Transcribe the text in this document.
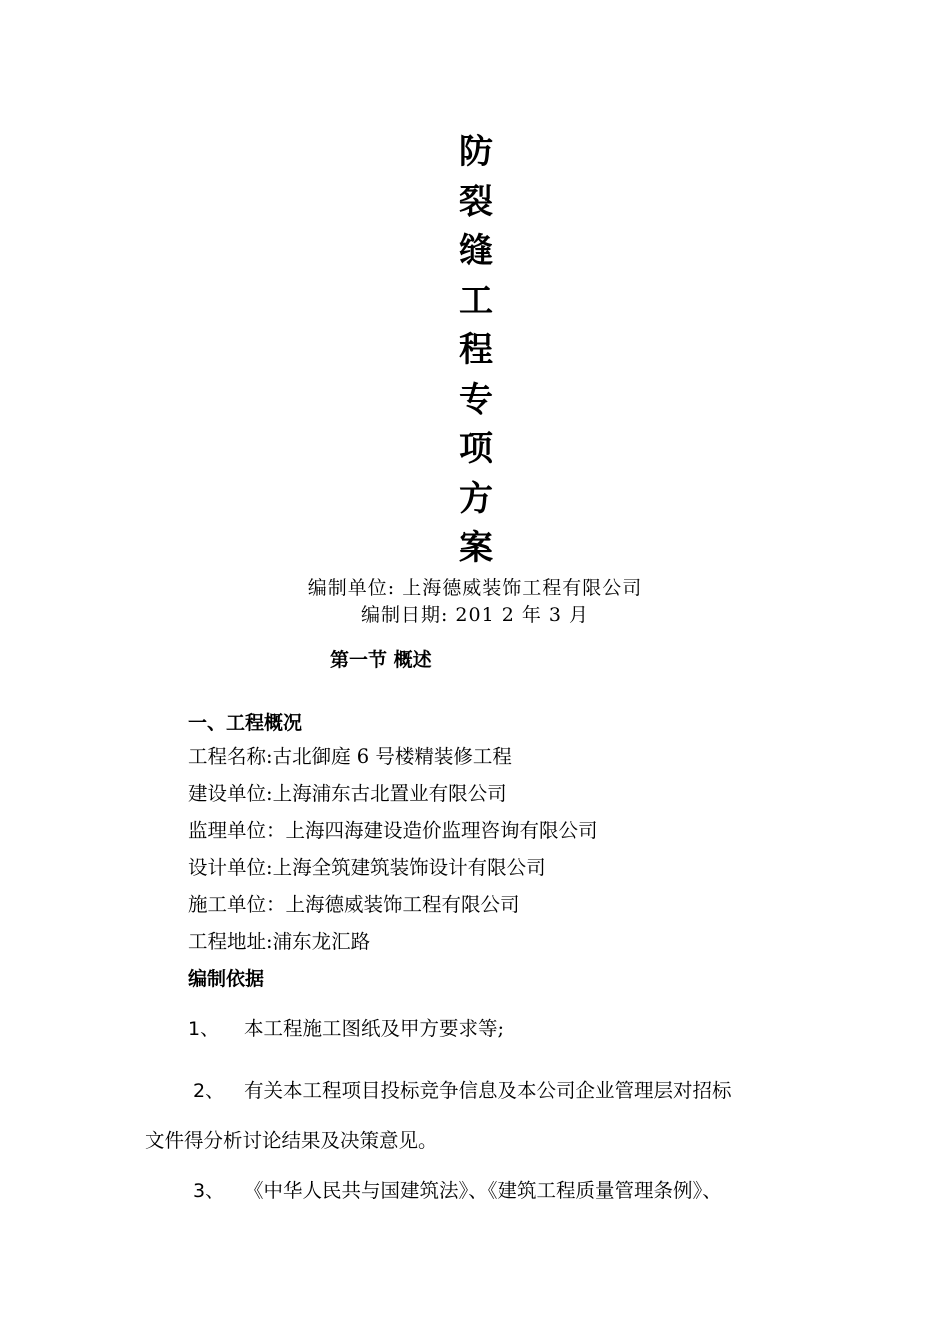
防
裂
缝
工
程
专
项
方
案
编制单位: 上海德威装饰工程有限公司
编制日期: 201 2 年 3 月
第一节 概述
一、工程概况
工程名称:古北御庭 6 号楼精装修工程
建设单位:上海浦东古北置业有限公司
监理单位：上海四海建设造价监理咨询有限公司
设计单位:上海全筑建筑装饰设计有限公司
施工单位：上海德威装饰工程有限公司
工程地址:浦东龙汇路
编制依据
1、 本工程施工图纸及甲方要求等;
2、 有关本工程项目投标竞争信息及本公司企业管理层对招标
文件得分析讨论结果及决策意见。
3、 《中华人民共与国建筑法》、《建筑工程质量管理条例》、
